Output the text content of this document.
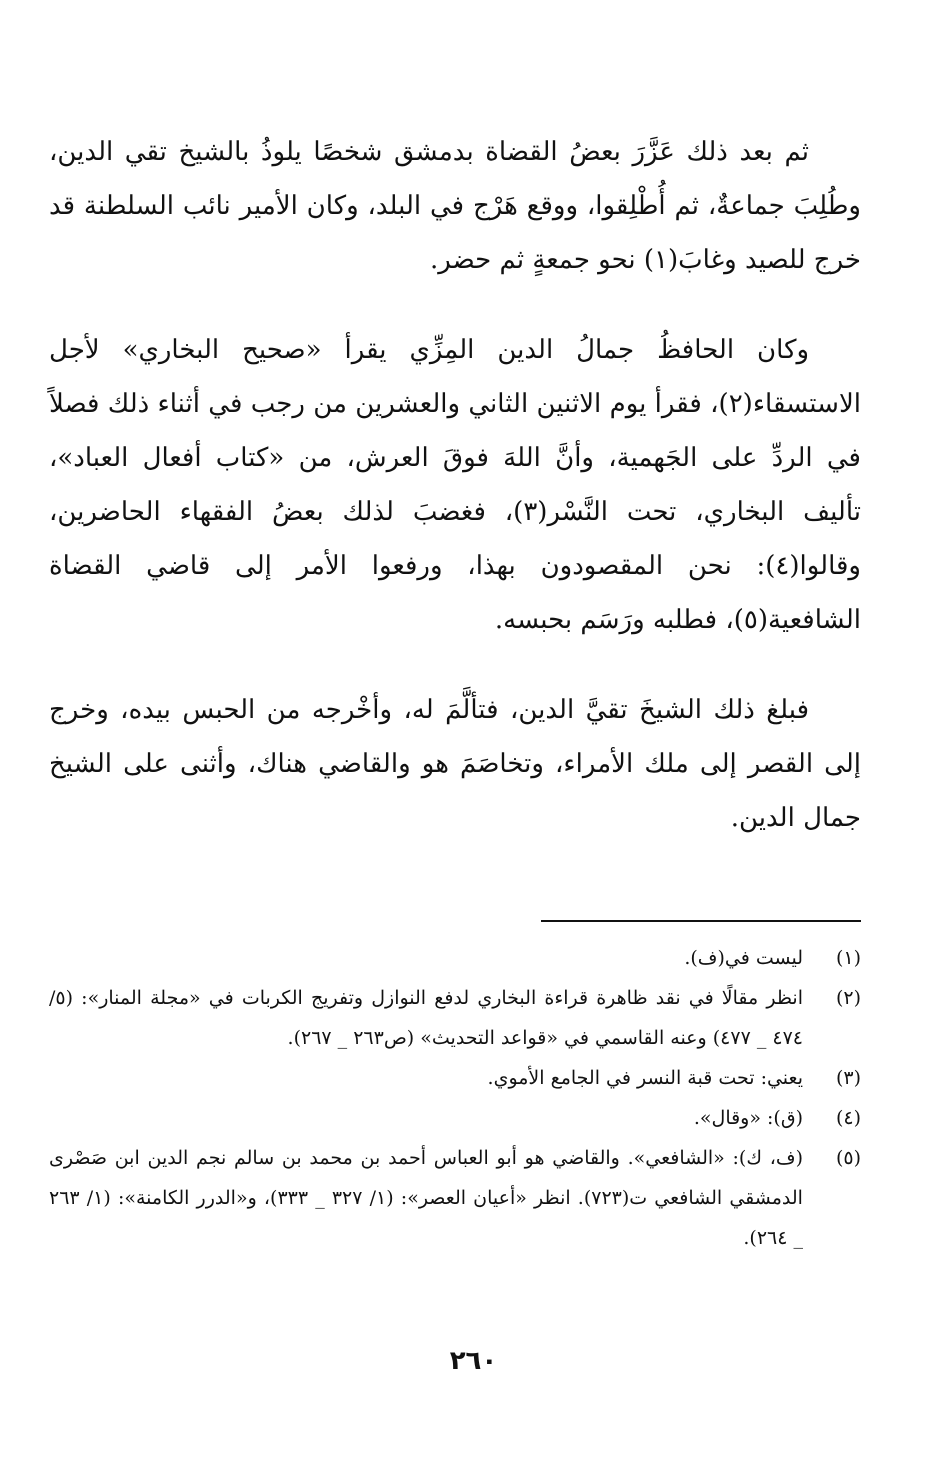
ثم بعد ذلك عَزَّرَ بعضُ القضاة بدمشق شخصًا يلوذُ بالشيخ تقي الدين، وطُلِبَ جماعةٌ، ثم أُطْلِقوا، ووقع هَرْج في البلد، وكان الأمير نائب السلطنة قد خرج للصيد وغابَ(١) نحو جمعةٍ ثم حضر.

وكان الحافظُ جمالُ الدين المِزِّي يقرأ «صحيح البخاري» لأجل الاستسقاء(٢)، فقرأ يوم الاثنين الثاني والعشرين من رجب في أثناء ذلك فصلاً في الردِّ على الجَهمية، وأنَّ اللهَ فوقَ العرش، من «كتاب أفعال العباد»، تأليف البخاري، تحت النَّسْر(٣)، فغضبَ لذلك بعضُ الفقهاء الحاضرين، وقالوا(٤): نحن المقصودون بهذا، ورفعوا الأمر إلى قاضي القضاة الشافعية(٥)، فطلبه ورَسَم بحبسه.

فبلغ ذلك الشيخَ تقيَّ الدين، فتألَّمَ له، وأخْرجه من الحبس بيده، وخرج إلى القصر إلى ملك الأمراء، وتخاصَمَ هو والقاضي هناك، وأثنى على الشيخ جمال الدين.

(١)
ليست في(ف).
(٢)
انظر مقالًا في نقد ظاهرة قراءة البخاري لدفع النوازل وتفريج الكربات في «مجلة المنار»: (٥/ ٤٧٤ _ ٤٧٧) وعنه القاسمي في «قواعد التحديث» (ص٢٦٣ _ ٢٦٧).
(٣)
يعني: تحت قبة النسر في الجامع الأموي.
(٤)
(ق): «وقال».
(٥)
(ف، ك): «الشافعي». والقاضي هو أبو العباس أحمد بن محمد بن سالم نجم الدين ابن صَصْرى الدمشقي الشافعي ت(٧٢٣). انظر «أعيان العصر»: (١/ ٣٢٧ _ ٣٣٣)، و«الدرر الكامنة»: (١/ ٢٦٣ _ ٢٦٤).
٢٦٠
